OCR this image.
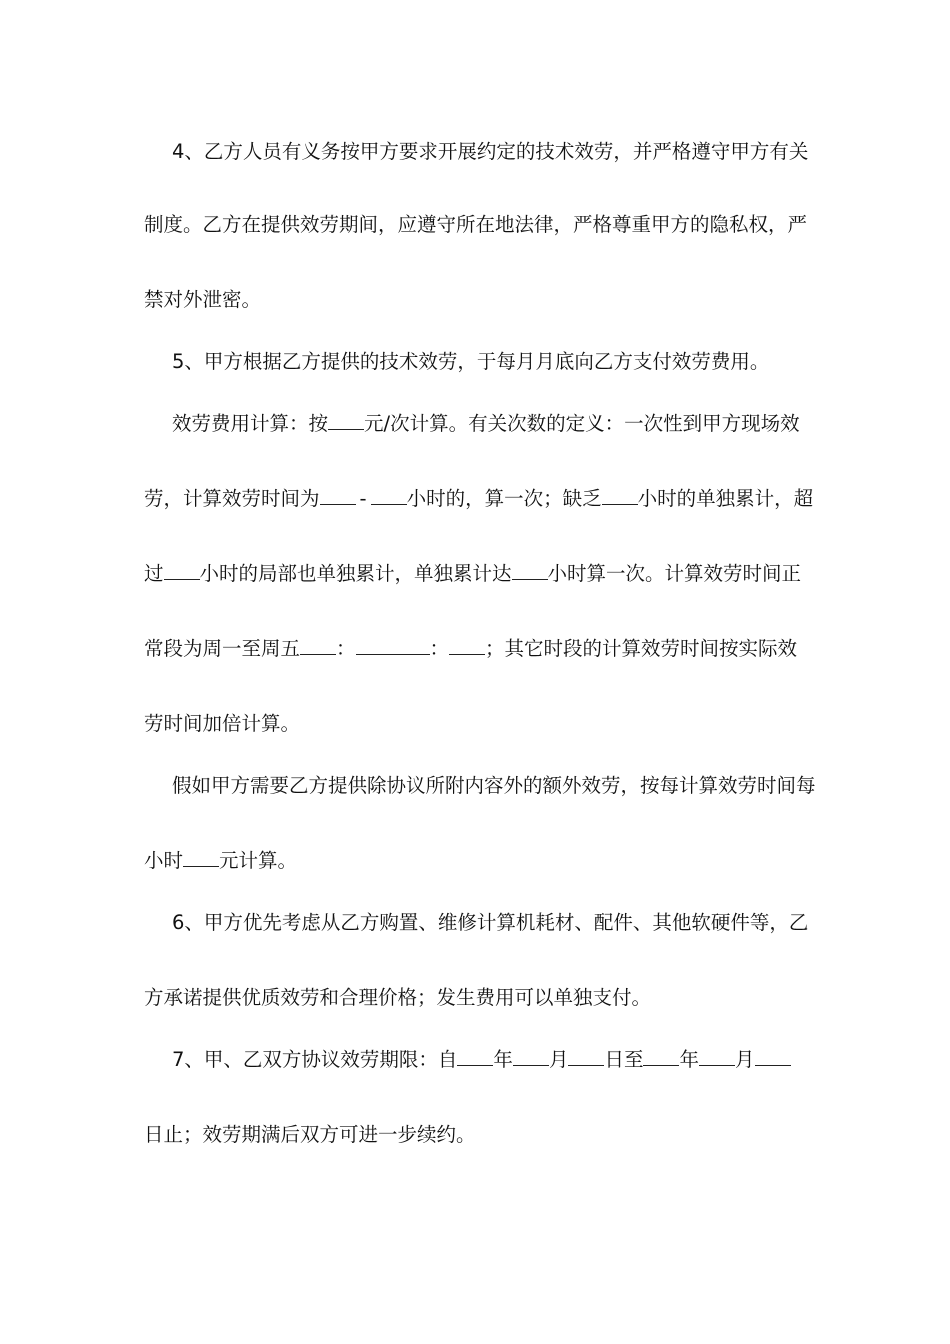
4、乙方人员有义务按甲方要求开展约定的技术效劳，并严格遵守甲方有关
制度。乙方在提供效劳期间，应遵守所在地法律，严格尊重甲方的隐私权，严
禁对外泄密。
5、甲方根据乙方提供的技术效劳，于每月月底向乙方支付效劳费用。
效劳费用计算：按 元/次计算。有关次数的定义：一次性到甲方现场效
劳，计算效劳时间为 - 小时的，算一次；缺乏 小时的单独累计，超
过 小时的局部也单独累计，单独累计达 小时算一次。计算效劳时间正
常段为周一至周五 ：	： ；其它时段的计算效劳时间按实际效
劳时间加倍计算。
假如甲方需要乙方提供除协议所附内容外的额外效劳，按每计算效劳时间每
小时 元计算。
6、甲方优先考虑从乙方购置、维修计算机耗材、配件、其他软硬件等，乙
方承诺提供优质效劳和合理价格；发生费用可以单独支付。
7、甲、乙双方协议效劳期限：自 年 月 日至 年 月
日止；效劳期满后双方可进一步续约。
